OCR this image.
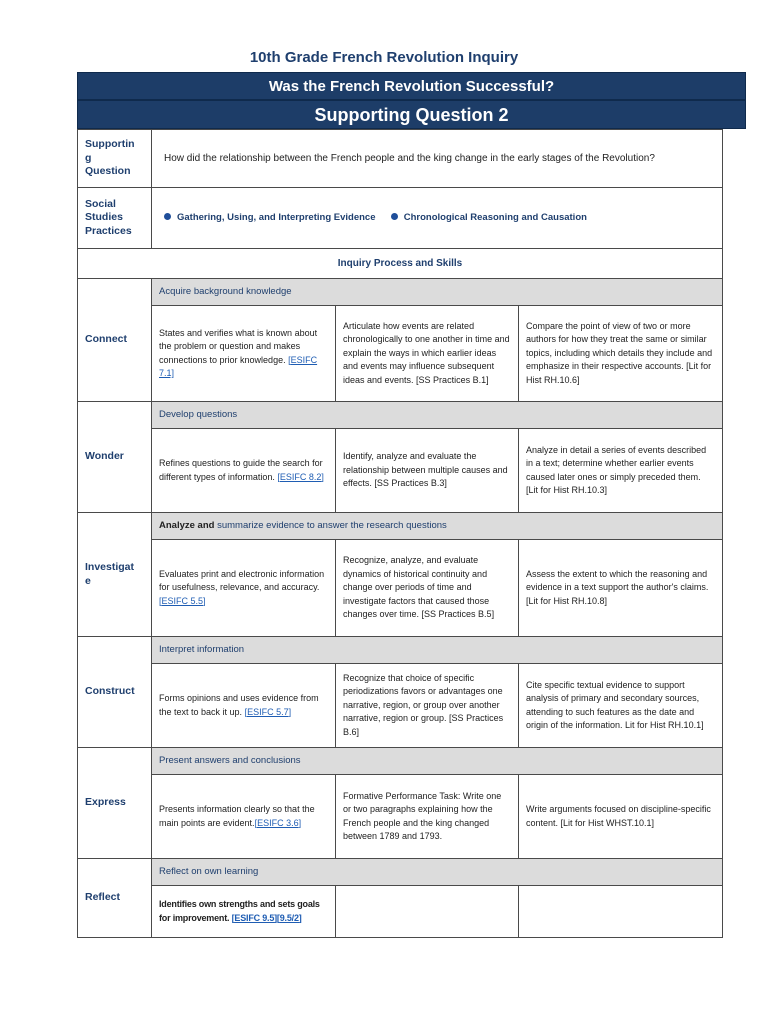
10th Grade French Revolution Inquiry
Was the French Revolution Successful?
Supporting Question 2
Supportin
g
Question	How did the relationship between the French people and the king change in the early stages of the Revolution?		
Social
Studies
Practices	Gathering, Using, and Interpreting Evidence Chronological Reasoning and Causation		
Inquiry Process and Skills			
Connect	Acquire background knowledge		
	States and verifies what is known about the problem or question and makes connections to prior knowledge. [ESIFC 7.1]	Articulate how events are related chronologically to one another in time and explain the ways in which earlier ideas and events may influence subsequent ideas and events. [SS Practices B.1]	Compare the point of view of two or more authors for how they treat the same or similar topics, including which details they include and emphasize in their respective accounts. [Lit for Hist RH.10.6]
Wonder	Develop questions		
	Refines questions to guide the search for different types of information. [ESIFC 8.2]	Identify, analyze and evaluate the relationship between multiple causes and effects. [SS Practices B.3]	Analyze in detail a series of events described in a text; determine whether earlier events caused later ones or simply preceded them. [Lit for Hist RH.10.3]
Investigat
e	Analyze and summarize evidence to answer the research questions		
	Evaluates print and electronic information for usefulness, relevance, and accuracy. [ESIFC 5.5]	Recognize, analyze, and evaluate dynamics of historical continuity and change over periods of time and investigate factors that caused those changes over time. [SS Practices B.5]	Assess the extent to which the reasoning and evidence in a text support the author's claims. [Lit for Hist RH.10.8]
Construct	Interpret information		
	Forms opinions and uses evidence from the text to back it up. [ESIFC 5.7]	Recognize that choice of specific periodizations favors or advantages one narrative, region, or group over another narrative, region or group. [SS Practices B.6]	Cite specific textual evidence to support analysis of primary and secondary sources, attending to such features as the date and origin of the information. Lit for Hist RH.10.1]
Express	Present answers and conclusions		
	Presents information clearly so that the main points are evident.[ESIFC 3.6]	Formative Performance Task: Write one or two paragraphs explaining how the French people and the king changed between 1789 and 1793.	Write arguments focused on discipline-specific content. [Lit for Hist WHST.10.1]
Reflect	Reflect on own learning		
	Identifies own strengths and sets goals for improvement. [ESIFC 9.5][9.5/2]		
